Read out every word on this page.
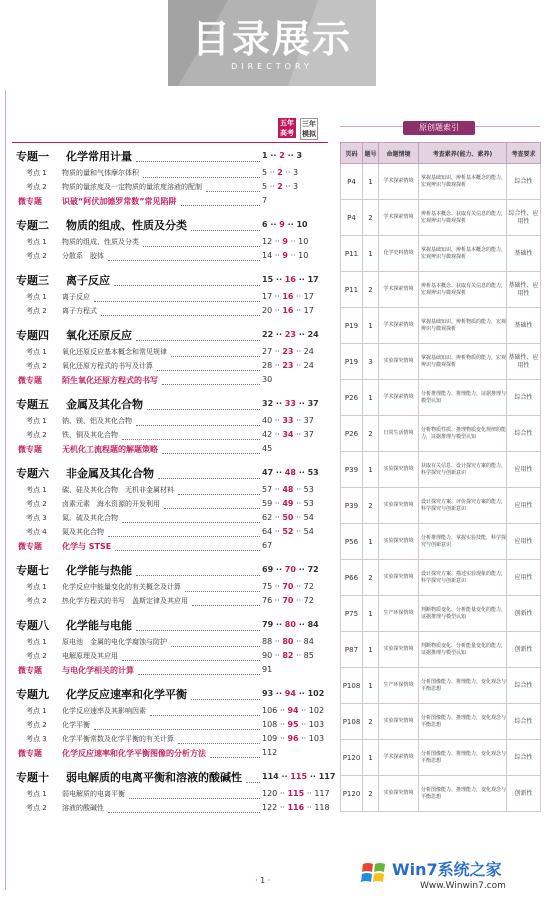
目录展示
DIRECTORY
五年高考
三年模拟
专题一 化学常用计量	1 ·· 2 ·· 3
考点 1 物质的量和气体摩尔体积	5 ·· 2 ·· 3
考点 2 物质的量浓度及一定物质的量浓度溶液的配制	5 ·· 2 ·· 3
微专题	识破“阿伏加德罗常数”常见陷阱	7
专题二 物质的组成、性质及分类	6 ·· 9 ·· 10
考点 1 物质的组成、性质及分类	12 ·· 9 ·· 10
考点 2 分散系　胶体	14 ·· 9 ·· 10
专题三 离子反应	15 ·· 16 ·· 17
考点 1 离子反应	17 ·· 16 ·· 17
考点 2 离子方程式	20 ·· 16 ·· 17
专题四 氧化还原反应	22 ·· 23 ·· 24
考点 1 氧化还原反应基本概念和常见规律	27 ·· 23 ·· 24
考点 2 氧化还原方程式的书写及计算	28 ·· 23 ·· 24
微专题	陌生氧化还原方程式的书写	30
专题五 金属及其化合物	32 ·· 33 ·· 37
考点 1 钠、镁、铝及其化合物	40 ·· 33 ·· 37
考点 2 铁、铜及其化合物	42 ·· 34 ·· 37
微专题	无机化工流程题的解题策略	45
专题六 非金属及其化合物	47 ·· 48 ·· 53
考点 1 碳、硅及其化合物　无机非金属材料	57 ·· 48 ·· 53
考点 2 卤素元素　海水资源的开发利用	59 ·· 49 ·· 53
考点 3 氮、硫及其化合物	62 ·· 50 ·· 54
考点 4 氮及其化合物	64 ·· 52 ·· 54
微专题	化学与 STSE	67
专题七 化学能与热能	69 ·· 70 ·· 72
考点 1 化学反应中能量变化的有关概念及计算	75 ·· 70 ·· 72
考点 2 热化学方程式的书写　盖斯定律及其应用	76 ·· 70 ·· 72
专题八 化学能与电能	79 ·· 80 ·· 84
考点 1 原电池　金属的电化学腐蚀与防护	88 ·· 80 ·· 84
考点 2 电解原理及其应用	90 ·· 82 ·· 85
微专题	与电化学相关的计算	91
专题九 化学反应速率和化学平衡	93 ·· 94 ·· 102
考点 1 化学反应速率及其影响因素	106 ·· 94 ·· 102
考点 2 化学平衡	108 ·· 95 ·· 103
考点 3 化学平衡常数及化学平衡的有关计算	109 ·· 96 ·· 103
微专题	化学反应速率和化学平衡图像的分析方法	112
专题十 弱电解质的电离平衡和溶液的酸碱性	114 ·· 115 ·· 117
考点 1 弱电解质的电离平衡	120 ·· 115 ·· 117
考点 2 溶液的酸碱性	122 ·· 116 ·· 118
· 1 ·
原创题索引
页码	题号	命题情境	考查素养(能力、素养)	考查要求
P4	1	学术探索情境	掌握基础知识、辨析基本概念的能力，宏观辨识与微观探析	综合性
P4	2	学术探索情境	辨析基本概念、获取有关信息的能力，宏观辨识与微观探析	综合性、应用性
P11	1	化学史料情境	掌握基础知识、辨析基本概念的能力，宏观辨识与微观探析	基础性
P11	2	学术探索情境	辨析基本概念、获取有关信息的能力，宏观辨识与微观探析	基础性、应用性
P19	1	学术探索情境	掌握基础知识、辨析物质的能力，宏观辨识与微观探析	基础性
P19	3	实验探究情境	掌握基础知识、辨析物质的能力，宏观辨识与微观探析	基础性、应用性
P26	1	学术探索情境	分析推理能力、推理能力，证据推理与模型认知	综合性
P26	2	日常生活情境	分析物质性质、推理物质变化规律的能力，证据推理与模型认知	综合性
P39	1	实验探究情境	获取有关信息、设计探究方案的能力，科学探究与创新意识	应用性
P39	2	实验探究情境	设计探究方案、评价探究方案的能力，科学探究与创新意识	应用性
P56	1	实验探究情境	分析推理能力、掌握实验技能，科学探究与创新意识	应用性
P66	2	实验探究情境	设计探究方案、描述实验现象的能力，科学探究与创新意识	应用性
P75	1	生产环保情境	判断物质变化、分析能量变化的能力，证据推理与模型认知	创新性
P87	1	实验探究情境	判断物质变化、分析能量变化的能力，证据推理与模型认知	创新性
P108	1	生产环保情境	分析图像能力、推理能力，变化观念与平衡思想	综合性
P108	2	实验探究情境	分析图像能力、推理能力，变化观念与平衡思想	综合性
P120	1	学术探索情境	分析图像能力、推理能力，变化观念与平衡思想	综合性
P120	2	实验探究情境	分析图像能力、推理能力，变化观念与平衡思想	创新性
Win7系统之家
Www.Winwin7.com
